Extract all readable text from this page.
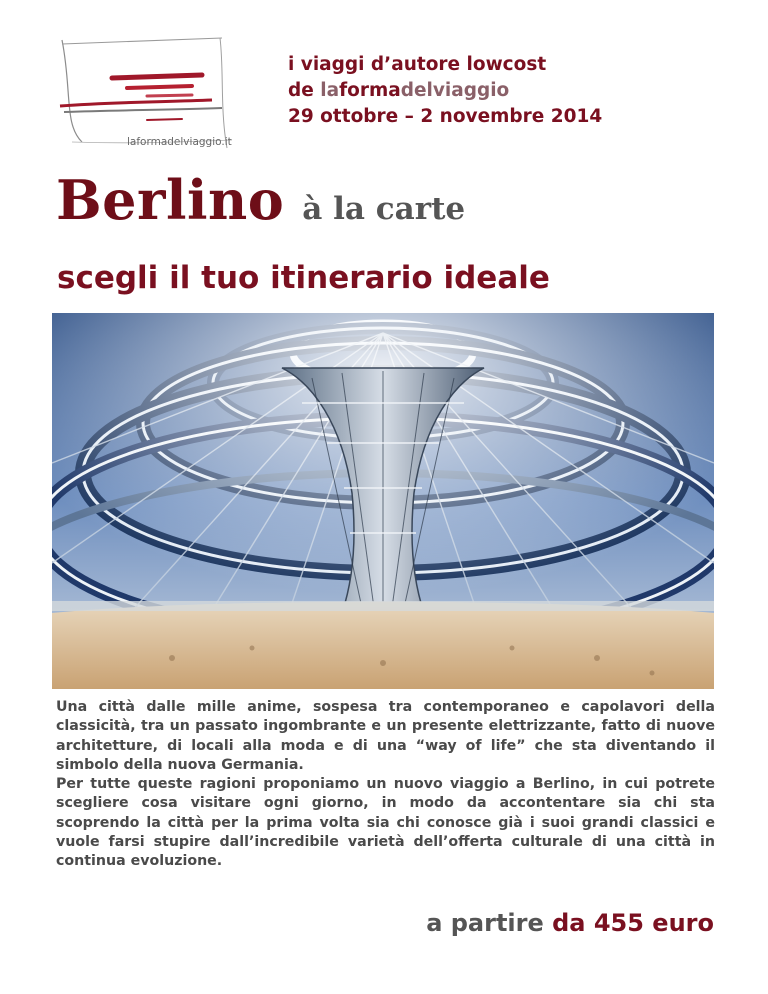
laformadelviaggio.it
i viaggi d’autore lowcost
de laformadelviaggio
29 ottobre – 2 novembre 2014
Berlino à la carte
scegli il tuo itinerario ideale

Una città dalle mille anime, sospesa tra contemporaneo e capolavori della classicità, tra un passato ingombrante e un presente elettrizzante, fatto di nuove architetture, di locali alla moda e di una “way of life” che sta diventando il simbolo della nuova Germania.

Per tutte queste ragioni proponiamo un nuovo viaggio a Berlino, in cui potrete scegliere cosa visitare ogni giorno, in modo da accontentare sia chi sta scoprendo la città per la prima volta sia chi conosce già i suoi grandi classici e vuole farsi stupire dall’incredibile varietà dell’offerta culturale di una città in continua evoluzione.

a partire da 455 euro
